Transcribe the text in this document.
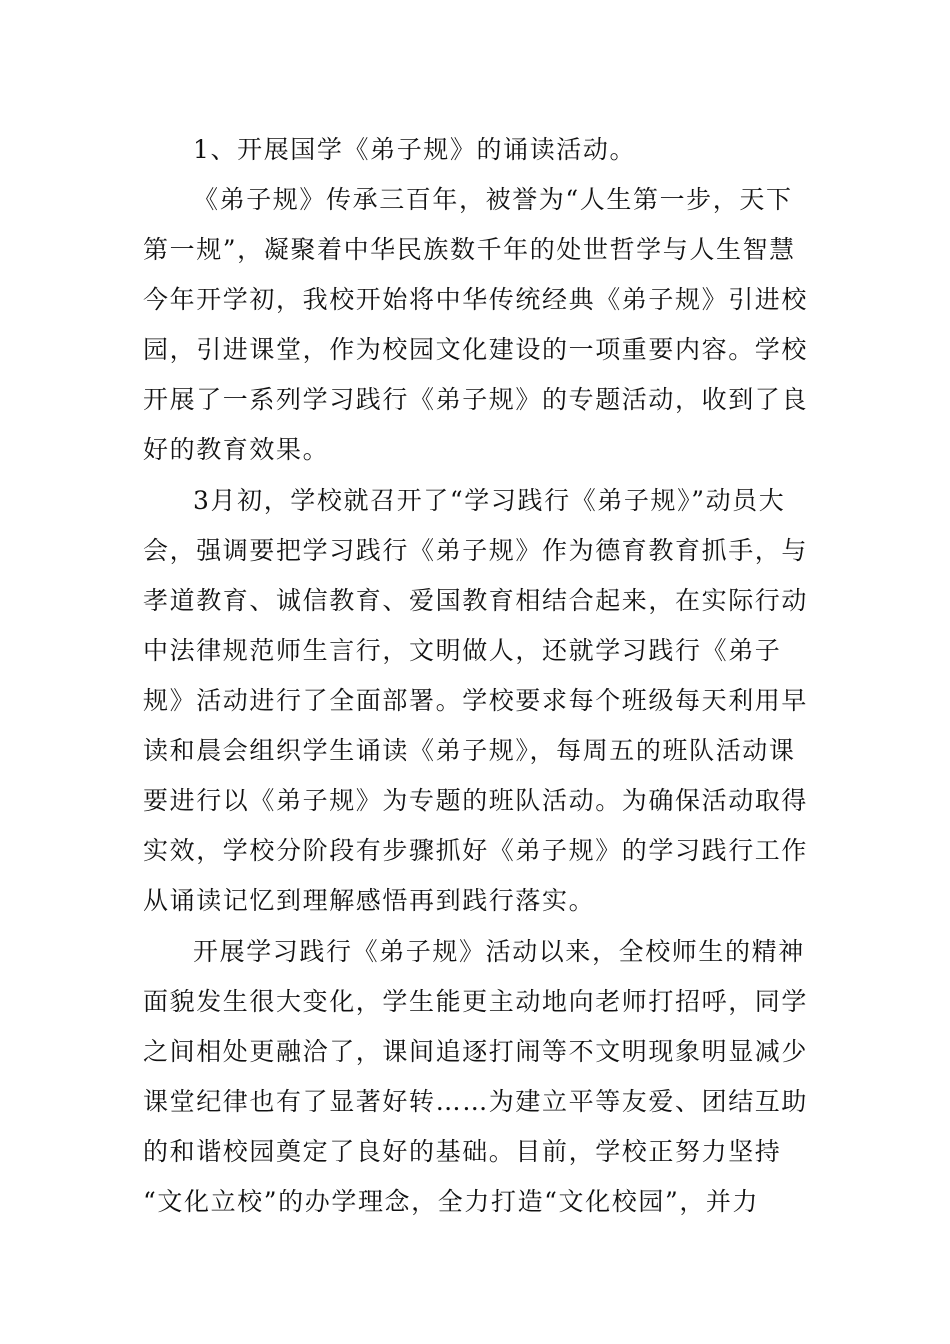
1、开展国学《弟子规》的诵读活动。
《弟子规》传承三百年，被誉为“人生第一步，天下
第一规”，凝聚着中华民族数千年的处世哲学与人生智慧
今年开学初，我校开始将中华传统经典《弟子规》引进校
园，引进课堂，作为校园文化建设的一项重要内容。学校
开展了一系列学习践行《弟子规》的专题活动，收到了良
好的教育效果。
3月初，学校就召开了“学习践行《弟子规》”动员大
会，强调要把学习践行《弟子规》作为德育教育抓手，与
孝道教育、诚信教育、爱国教育相结合起来，在实际行动
中法律规范师生言行，文明做人，还就学习践行《弟子
规》活动进行了全面部署。学校要求每个班级每天利用早
读和晨会组织学生诵读《弟子规》，每周五的班队活动课
要进行以《弟子规》为专题的班队活动。为确保活动取得
实效，学校分阶段有步骤抓好《弟子规》的学习践行工作
从诵读记忆到理解感悟再到践行落实。
开展学习践行《弟子规》活动以来，全校师生的精神
面貌发生很大变化，学生能更主动地向老师打招呼，同学
之间相处更融洽了，课间追逐打闹等不文明现象明显减少
课堂纪律也有了显著好转……为建立平等友爱、团结互助
的和谐校园奠定了良好的基础。目前，学校正努力坚持
“文化立校”的办学理念，全力打造“文化校园”，并力
